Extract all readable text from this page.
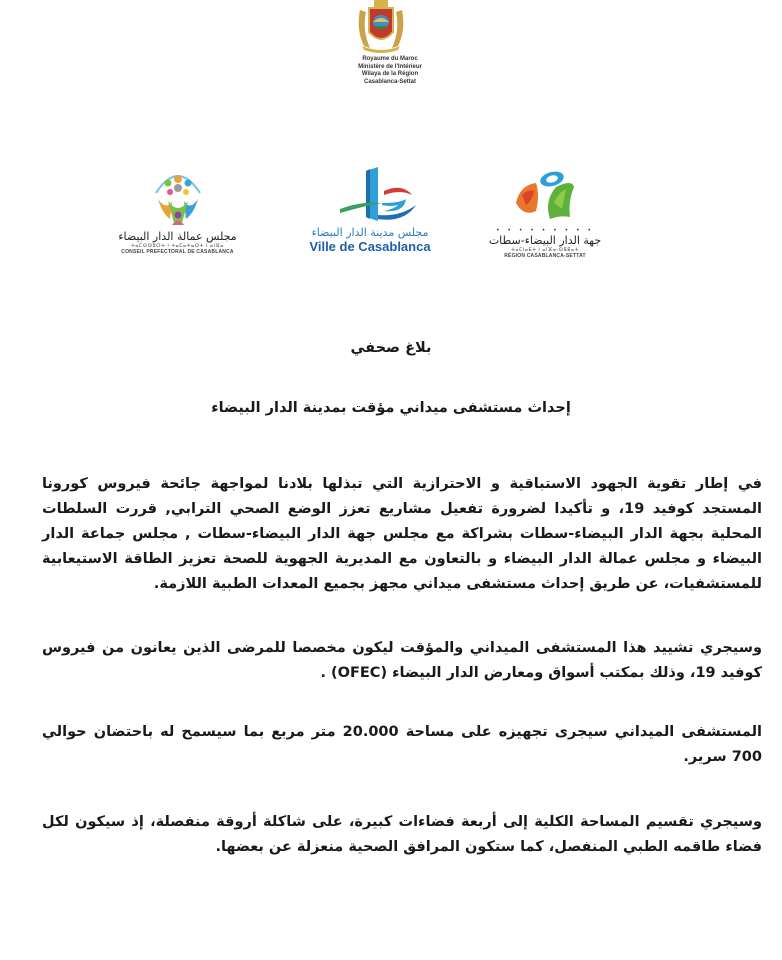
Royaume du Maroc
Ministère de l'Intérieur
Wilaya de la Région
Casablanca-Settat
مجلس عمالة الدار البيضاء
ⵜⴰⵎⵙⵙⵓⵔⵜ ⵏ ⵜⴰⵎⴰⵜⴰⵔⵜ ⵏ ⴰⵏⴼⴰ
CONSEIL PREFECTORAL DE CASABLANCA
مجلس مدينة الدار البيضاء
Ville de Casablanca
• • • • • • • • •
جهة الدار البيضاء-سطات
ⵜⴰⵎⵏⴰⴹⵜ ⵏ ⴰⵏⴼⴰ-ⵙⵟⵟⴰⵜ
RÉGION CASABLANCA-SETTAT
بلاغ صحفي
إحداث مستشفى ميداني مؤقت بمدينة الدار البيضاء

في إطار تقوية الجهود الاستباقية و الاحترازية التي تبذلها بلادنا لمواجهة جائحة فيروس كورونا المستجد كوفيد 19، و تأكيدا لضرورة تفعيل مشاريع تعزز الوضع الصحي الترابي, قررت السلطات المحلية بجهة الدار البيضاء-سطات بشراكة مع مجلس جهة الدار البيضاء-سطات , مجلس جماعة الدار البيضاء و مجلس عمالة الدار البيضاء و بالتعاون مع المديرية الجهوية للصحة تعزيز الطاقة الاستيعابية للمستشفيات، عن طريق إحداث مستشفى ميداني مجهز بجميع المعدات الطبية اللازمة.

وسيجري تشييد هذا المستشفى الميداني والمؤقت ليكون مخصصا للمرضى الذين يعانون من فيروس كوفيد 19، وذلك بمكتب أسواق ومعارض الدار البيضاء (OFEC) .

المستشفى الميداني سيجرى تجهيزه على مساحة 20.000 متر مربع بما سيسمح له باحتضان حوالي 700 سرير.

وسيجري تقسيم المساحة الكلية إلى أربعة فضاءات كبيرة، على شاكلة أروقة منفصلة، إذ سيكون لكل فضاء طاقمه الطبي المنفصل، كما ستكون المرافق الصحية منعزلة عن بعضها.
